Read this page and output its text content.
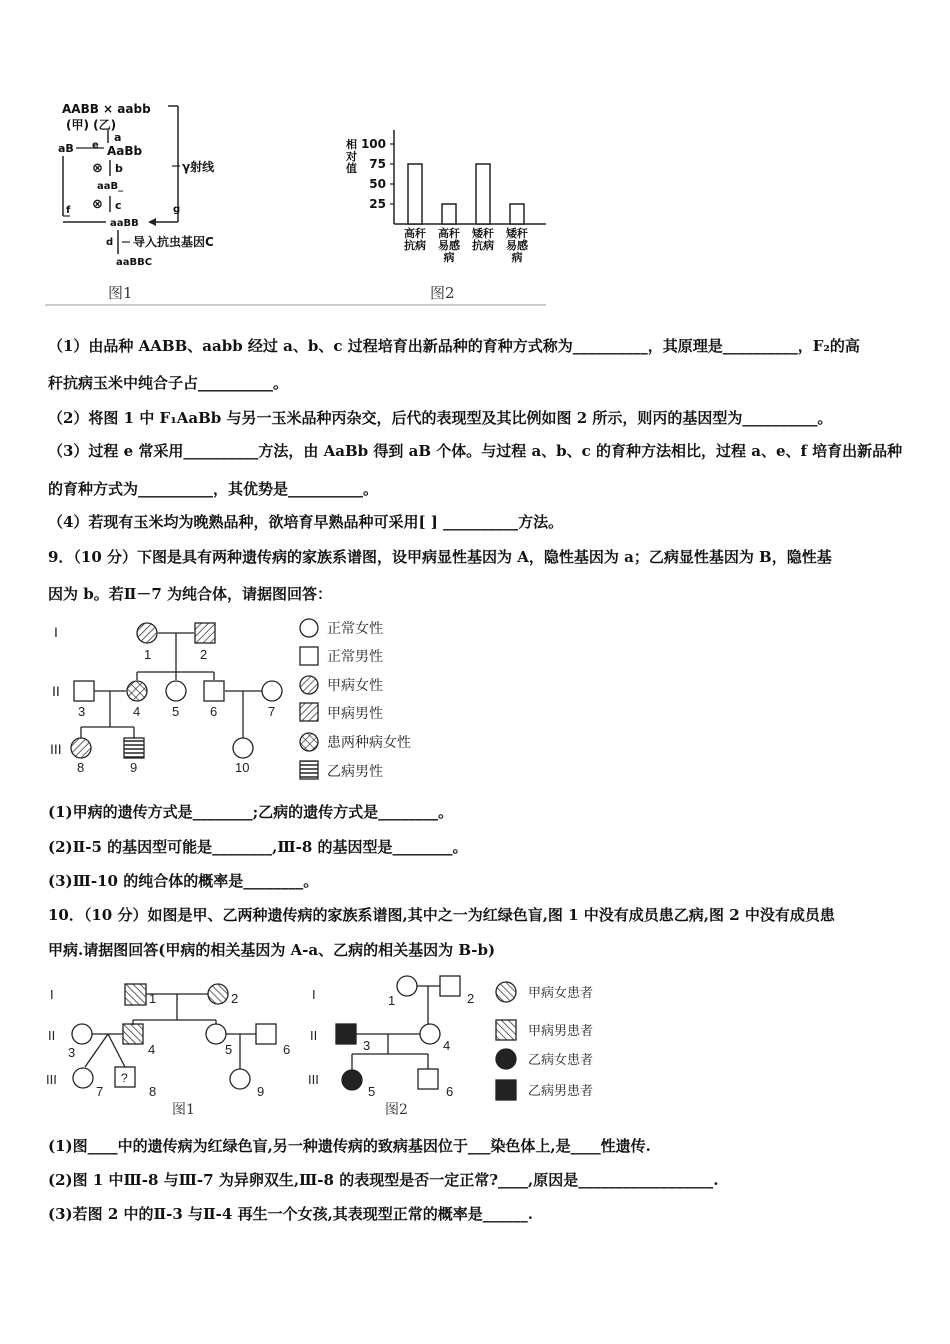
AABB × aabb
(甲) (乙)
γ射线
g
a
e AaBb
aB
⊗ b
aaB_
⊗ c
f
aaBB
d 导入抗虫基因C
aaBBC
图1
相
对
值
100
75
50
25
高秆
抗病
高秆
易感
病
矮秆
抗病
矮秆
易感
病
图2
（1）由品种 AABB、aabb 经过 a、b、c 过程培育出新品种的育种方式称为__________，其原理是__________，F₂的高
秆抗病玉米中纯合子占__________。
（2）将图 1 中 F₁AaBb 与另一玉米品种丙杂交，后代的表现型及其比例如图 2 所示，则丙的基因型为__________。
（3）过程 e 常采用__________方法，由 AaBb 得到 aB 个体。与过程 a、b、c 的育种方法相比，过程 a、e、f 培育出新品种
的育种方式为__________，其优势是__________。
（4）若现有玉米均为晚熟品种，欲培育早熟品种可采用[ ] __________方法。
9．（10 分）下图是具有两种遗传病的家族系谱图，设甲病显性基因为 A，隐性基因为 a；乙病显性基因为 B，隐性基
因为 b。若Ⅱ－7 为纯合体，请据图回答：
I
II
III
1	2
3	4 5 6	7
8	9	10
正常女性
正常男性
甲病女性
甲病男性
患两种病女性
乙病男性
(1)甲病的遗传方式是________;乙病的遗传方式是________。
(2)Ⅱ-5 的基因型可能是________,Ⅲ-8 的基因型是________。
(3)Ⅲ-10 的纯合体的概率是________。
10．（10 分）如图是甲、乙两种遗传病的家族系谱图,其中之一为红绿色盲,图 1 中没有成员患乙病,图 2 中没有成员患
甲病.请据图回答(甲病的相关基因为 A-a、乙病的相关基因为 B-b)
I
II
III	?
1	2
3	4	5	6
7	8	9
图1
I
II
III
1	2
3	4
5	6
图2
甲病女患者
甲病男患者
乙病女患者
乙病男患者
(1)图____中的遗传病为红绿色盲,另一种遗传病的致病基因位于___染色体上,是____性遗传.
(2)图 1 中Ⅲ-8 与Ⅲ-7 为异卵双生,Ⅲ-8 的表现型是否一定正常?____,原因是__________________.
(3)若图 2 中的Ⅱ-3 与Ⅱ-4 再生一个女孩,其表现型正常的概率是______.
